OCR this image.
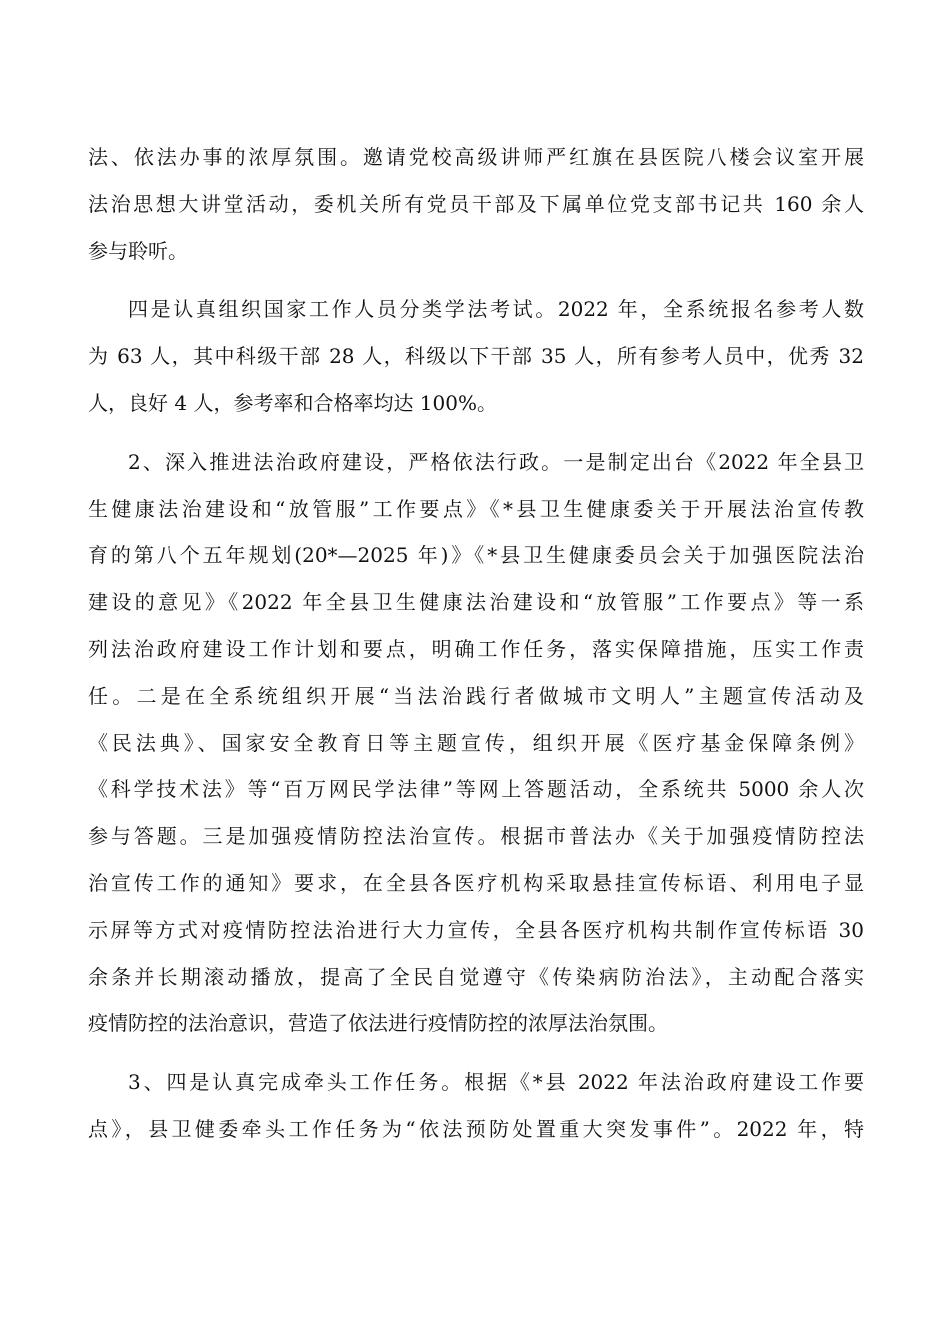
法、依法办事的浓厚氛围。邀请党校高级讲师严红旗在县医院八楼会议室开展
法治思想大讲堂活动，委机关所有党员干部及下属单位党支部书记共 160 余人
参与聆听。
四是认真组织国家工作人员分类学法考试。2022 年，全系统报名参考人数
为 63 人，其中科级干部 28 人，科级以下干部 35 人，所有参考人员中，优秀 32
人，良好 4 人，参考率和合格率均达 100%。
2、深入推进法治政府建设，严格依法行政。一是制定出台《2022 年全县卫
生健康法治建设和“放管服”工作要点》《*县卫生健康委关于开展法治宣传教
育的第八个五年规划(20*—2025 年)》《*县卫生健康委员会关于加强医院法治
建设的意见》《2022 年全县卫生健康法治建设和“放管服”工作要点》等一系
列法治政府建设工作计划和要点，明确工作任务，落实保障措施，压实工作责
任。二是在全系统组织开展“当法治践行者做城市文明人”主题宣传活动及
《民法典》、国家安全教育日等主题宣传，组织开展《医疗基金保障条例》
《科学技术法》等“百万网民学法律”等网上答题活动，全系统共 5000 余人次
参与答题。三是加强疫情防控法治宣传。根据市普法办《关于加强疫情防控法
治宣传工作的通知》要求，在全县各医疗机构采取悬挂宣传标语、利用电子显
示屏等方式对疫情防控法治进行大力宣传，全县各医疗机构共制作宣传标语 30
余条并长期滚动播放，提高了全民自觉遵守《传染病防治法》，主动配合落实
疫情防控的法治意识，营造了依法进行疫情防控的浓厚法治氛围。
3、四是认真完成牵头工作任务。根据《*县 2022 年法治政府建设工作要
点》，县卫健委牵头工作任务为“依法预防处置重大突发事件”。2022 年，特
